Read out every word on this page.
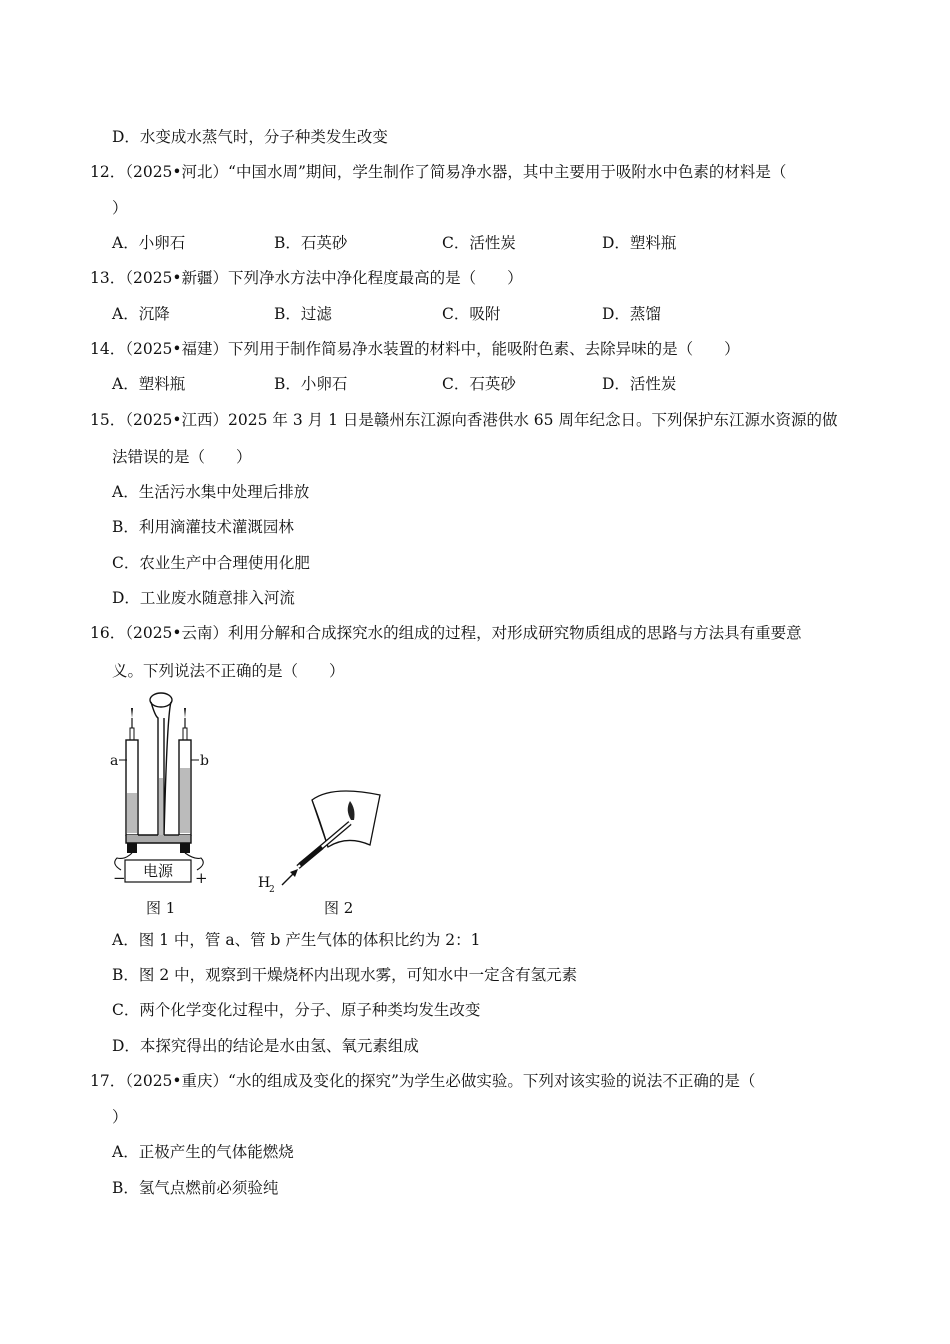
D．水变成水蒸气时，分子种类发生改变
12．（2025•河北）“中国水周”期间，学生制作了简易净水器，其中主要用于吸附水中色素的材料是（
）
A．小卵石	B．石英砂	C．活性炭	D．塑料瓶
13．（2025•新疆）下列净水方法中净化程度最高的是（　　）
A．沉降	B．过滤	C．吸附	D．蒸馏
14．（2025•福建）下列用于制作简易净水装置的材料中，能吸附色素、去除异味的是（　　）
A．塑料瓶	B．小卵石	C．石英砂	D．活性炭
15．（2025•江西）2025 年 3 月 1 日是赣州东江源向香港供水 65 周年纪念日。下列保护东江源水资源的做
法错误的是（　　）
A．生活污水集中处理后排放
B．利用滴灌技术灌溉园林
C．农业生产中合理使用化肥
D．工业废水随意排入河流
16．（2025•云南）利用分解和合成探究水的组成的过程，对形成研究物质组成的思路与方法具有重要意
义。下列说法不正确的是（　　）
a	b
电源
−	+
图 1
H
2
图 2
A．图 1 中，管 a、管 b 产生气体的体积比约为 2：1
B．图 2 中，观察到干燥烧杯内出现水雾，可知水中一定含有氢元素
C．两个化学变化过程中，分子、原子种类均发生改变
D．本探究得出的结论是水由氢、氧元素组成
17．（2025•重庆）“水的组成及变化的探究”为学生必做实验。下列对该实验的说法不正确的是（
）
A．正极产生的气体能燃烧
B．氢气点燃前必须验纯
